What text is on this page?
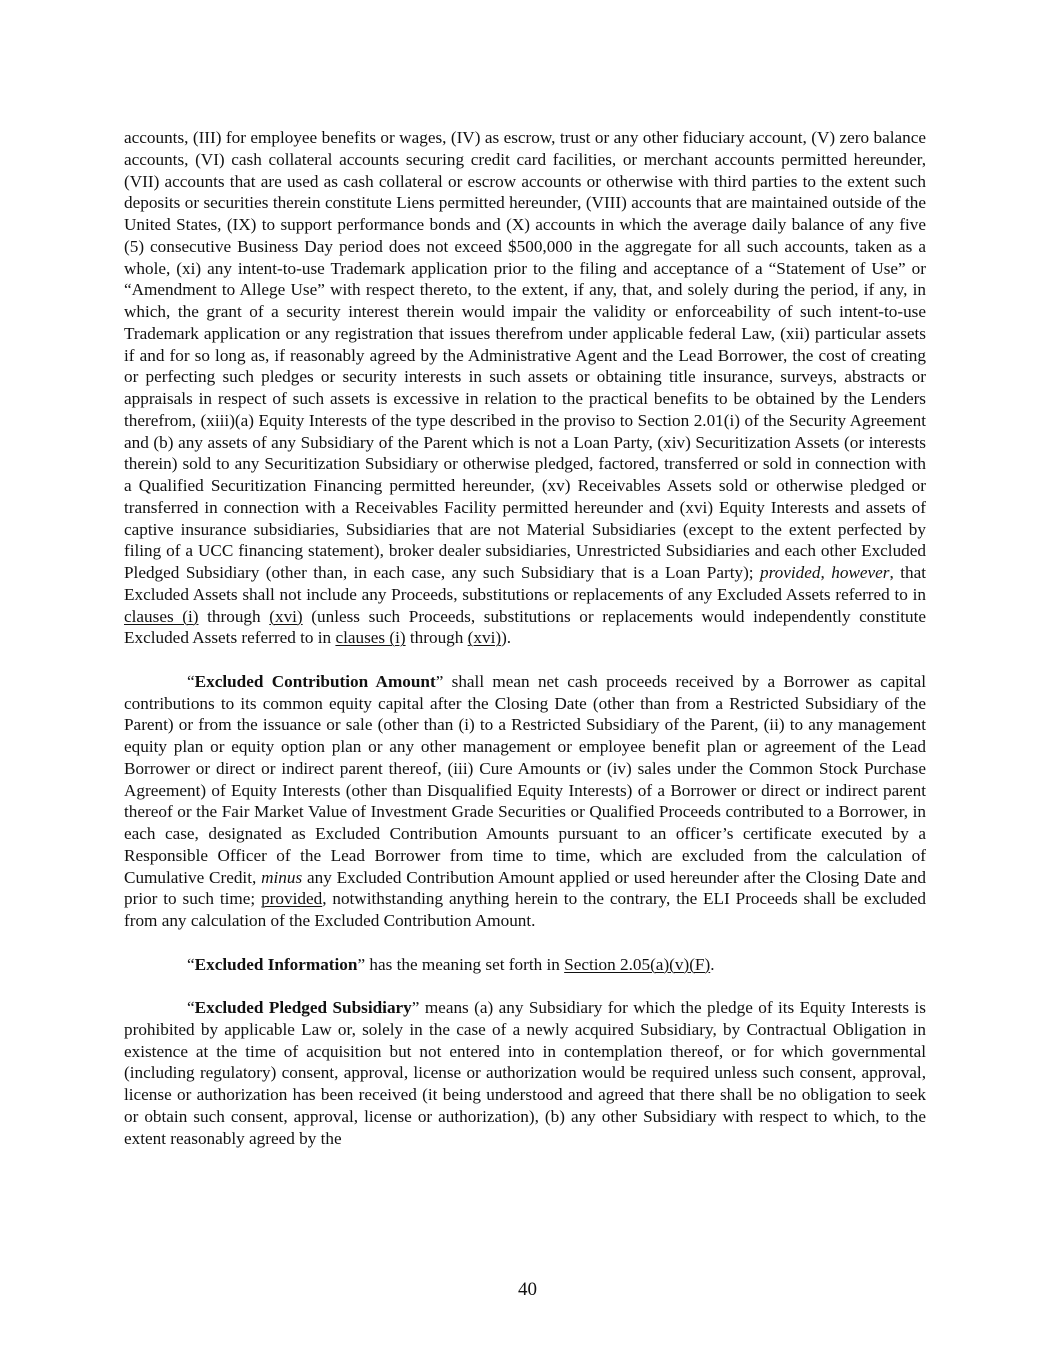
accounts, (III) for employee benefits or wages, (IV) as escrow, trust or any other fiduciary account, (V) zero balance accounts, (VI) cash collateral accounts securing credit card facilities, or merchant accounts permitted hereunder, (VII) accounts that are used as cash collateral or escrow accounts or otherwise with third parties to the extent such deposits or securities therein constitute Liens permitted hereunder, (VIII) accounts that are maintained outside of the United States, (IX) to support performance bonds and (X) accounts in which the average daily balance of any five (5) consecutive Business Day period does not exceed $500,000 in the aggregate for all such accounts, taken as a whole, (xi) any intent-to-use Trademark application prior to the filing and acceptance of a “Statement of Use” or “Amendment to Allege Use” with respect thereto, to the extent, if any, that, and solely during the period, if any, in which, the grant of a security interest therein would impair the validity or enforceability of such intent-to-use Trademark application or any registration that issues therefrom under applicable federal Law, (xii) particular assets if and for so long as, if reasonably agreed by the Administrative Agent and the Lead Borrower, the cost of creating or perfecting such pledges or security interests in such assets or obtaining title insurance, surveys, abstracts or appraisals in respect of such assets is excessive in relation to the practical benefits to be obtained by the Lenders therefrom, (xiii)(a) Equity Interests of the type described in the proviso to Section 2.01(i) of the Security Agreement and (b) any assets of any Subsidiary of the Parent which is not a Loan Party, (xiv) Securitization Assets (or interests therein) sold to any Securitization Subsidiary or otherwise pledged, factored, transferred or sold in connection with a Qualified Securitization Financing permitted hereunder, (xv) Receivables Assets sold or otherwise pledged or transferred in connection with a Receivables Facility permitted hereunder and (xvi) Equity Interests and assets of captive insurance subsidiaries, Subsidiaries that are not Material Subsidiaries (except to the extent perfected by filing of a UCC financing statement), broker dealer subsidiaries, Unrestricted Subsidiaries and each other Excluded Pledged Subsidiary (other than, in each case, any such Subsidiary that is a Loan Party); provided, however, that Excluded Assets shall not include any Proceeds, substitutions or replacements of any Excluded Assets referred to in clauses (i) through (xvi) (unless such Proceeds, substitutions or replacements would independently constitute Excluded Assets referred to in clauses (i) through (xvi)).

“Excluded Contribution Amount” shall mean net cash proceeds received by a Borrower as capital contributions to its common equity capital after the Closing Date (other than from a Restricted Subsidiary of the Parent) or from the issuance or sale (other than (i) to a Restricted Subsidiary of the Parent, (ii) to any management equity plan or equity option plan or any other management or employee benefit plan or agreement of the Lead Borrower or direct or indirect parent thereof, (iii) Cure Amounts or (iv) sales under the Common Stock Purchase Agreement) of Equity Interests (other than Disqualified Equity Interests) of a Borrower or direct or indirect parent thereof or the Fair Market Value of Investment Grade Securities or Qualified Proceeds contributed to a Borrower, in each case, designated as Excluded Contribution Amounts pursuant to an officer’s certificate executed by a Responsible Officer of the Lead Borrower from time to time, which are excluded from the calculation of Cumulative Credit, minus any Excluded Contribution Amount applied or used hereunder after the Closing Date and prior to such time; provided, notwithstanding anything herein to the contrary, the ELI Proceeds shall be excluded from any calculation of the Excluded Contribution Amount.

“Excluded Information” has the meaning set forth in Section 2.05(a)(v)(F).

“Excluded Pledged Subsidiary” means (a) any Subsidiary for which the pledge of its Equity Interests is prohibited by applicable Law or, solely in the case of a newly acquired Subsidiary, by Contractual Obligation in existence at the time of acquisition but not entered into in contemplation thereof, or for which governmental (including regulatory) consent, approval, license or authorization would be required unless such consent, approval, license or authorization has been received (it being understood and agreed that there shall be no obligation to seek or obtain such consent, approval, license or authorization), (b) any other Subsidiary with respect to which, to the extent reasonably agreed by the

40
